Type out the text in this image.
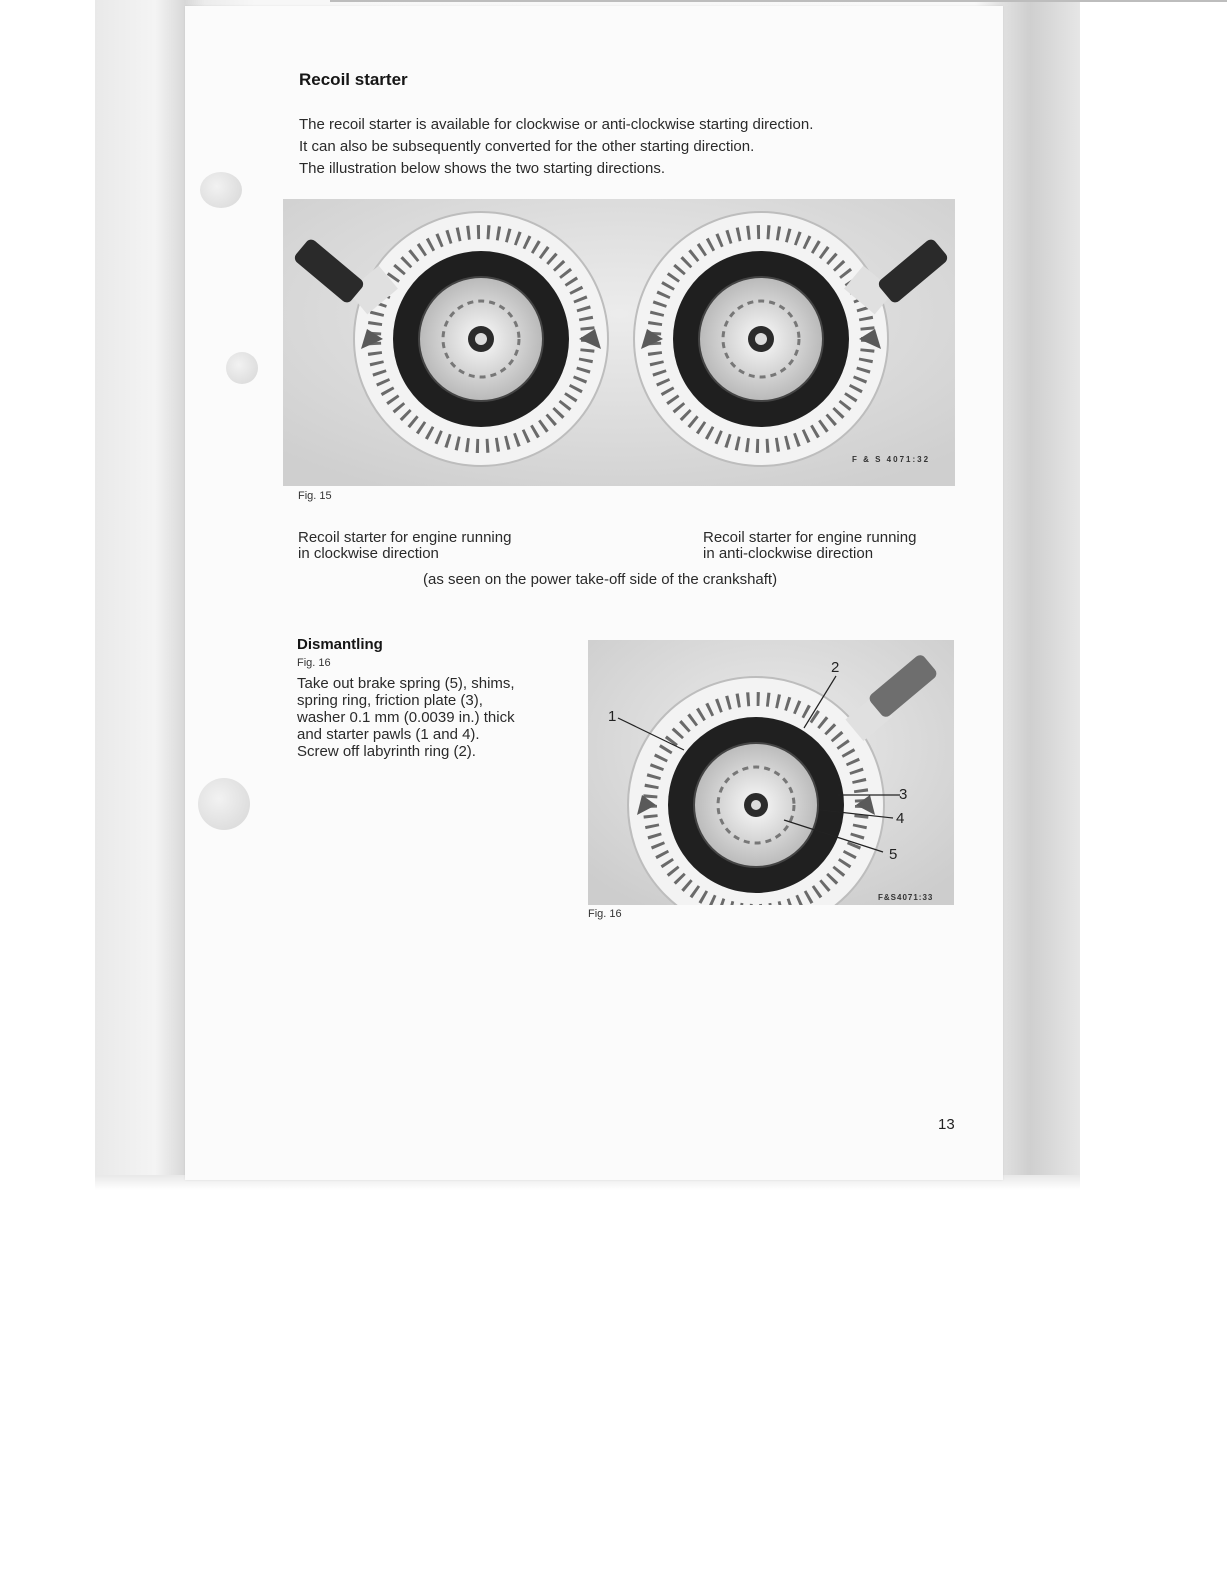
Recoil starter
The recoil starter is available for clockwise or anti-clockwise starting direction.
It can also be subsequently converted for the other starting direction.
The illustration below shows the two starting directions.
F & S 4071:32
Fig. 15
Recoil starter for engine running
in clockwise direction
Recoil starter for engine running
in anti-clockwise direction
(as seen on the power take-off side of the crankshaft)
Dismantling
Fig. 16
Take out brake spring (5), shims,
spring ring, friction plate (3),
washer 0.1 mm (0.0039 in.) thick
and starter pawls (1 and 4).
Screw off labyrinth ring (2).
1
2
3
4
5
F&S4071:33
Fig. 16
13
